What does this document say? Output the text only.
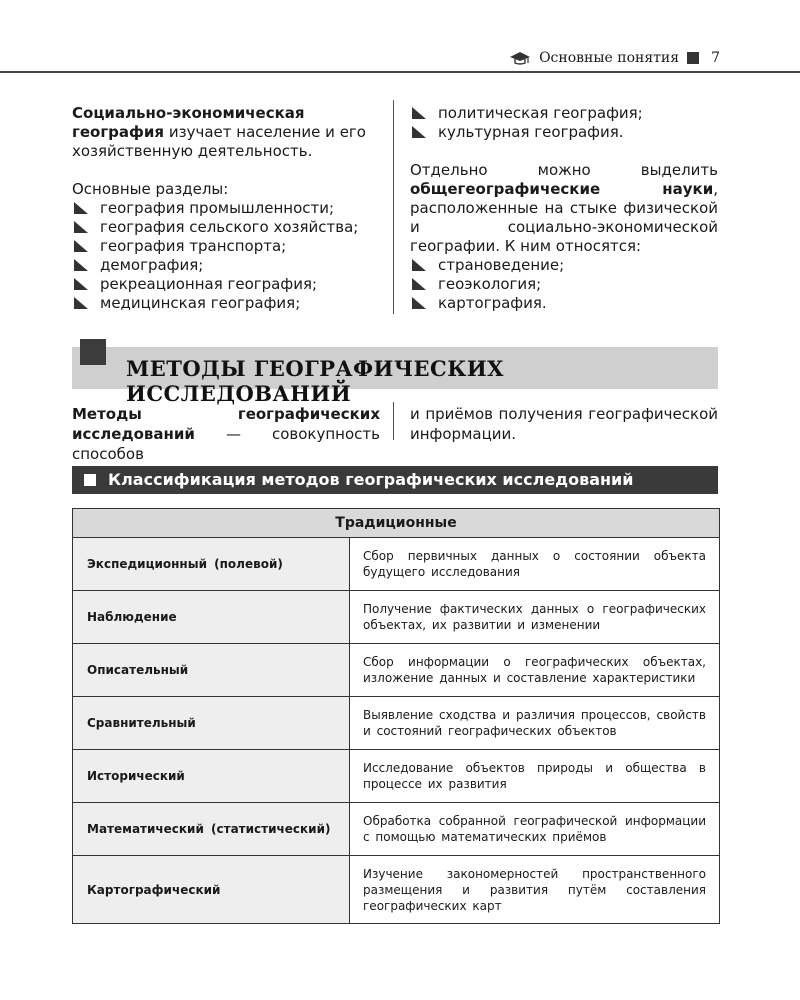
Основные понятия 7

Социально-экономическая география изучает население и его хозяйственную деятельность.

Основные разделы:
география промышленности;
география сельского хозяйства;
география транспорта;
демография;
рекреационная география;
медицинская география;
политическая география;
культурная география.

Отдельно можно выделить общегеографические науки, расположенные на стыке физической и социально-экономической географии. К ним относятся:

страноведение;
геоэкология;
картография.
МЕТОДЫ ГЕОГРАФИЧЕСКИХ ИССЛЕДОВАНИЙ

Методы географических исследований — совокупность способов

и приёмов получения географической информации.

Классификация методов географических исследований
Традиционные
Экспедиционный (полевой)
Сбор первичных данных о состоянии объекта будущего исследования
Наблюдение
Получение фактических данных о географических объектах, их развитии и изменении
Описательный
Сбор информации о географических объектах, изложение данных и составление характеристики
Сравнительный
Выявление сходства и различия процессов, свойств и состояний географических объектов
Исторический
Исследование объектов природы и общества в процессе их развития
Математический (статистический)
Обработка собранной географической информации с помощью математических приёмов
Картографический
Изучение закономерностей пространственного размещения и развития путём составления географических карт
